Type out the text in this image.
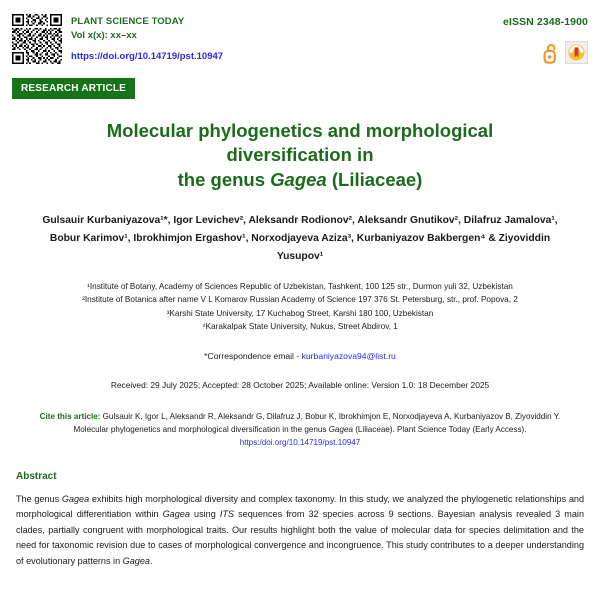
PLANT SCIENCE TODAY
Vol x(x): xx–xx
https://doi.org/10.14719/pst.10947
eISSN 2348-1900
RESEARCH ARTICLE
Molecular phylogenetics and morphological diversification in
the genus Gagea (Liliaceae)
Gulsauir Kurbaniyazova¹*, Igor Levichev², Aleksandr Rodionov², Aleksandr Gnutikov², Dilafruz Jamalova¹, Bobur Karimov¹, Ibrokhimjon Ergashov¹, Norxodjayeva Aziza³, Kurbaniyazov Bakbergen⁴ & Ziyoviddin Yusupov¹
¹Institute of Botany, Academy of Sciences Republic of Uzbekistan, Tashkent, 100 125 str., Durmon yuli 32, Uzbekistan
²Institute of Botanica after name V L Komarov Russian Academy of Science 197 376 St. Petersburg, str., prof. Popova, 2
³Karshi State University, 17 Kuchabog Street, Karshi 180 100, Uzbekistan
⁴Karakalpak State University, Nukus, Street Abdirov, 1
*Correspondence email - kurbaniyazova94@list.ru
Received: 29 July 2025; Accepted: 28 October 2025; Available online: Version 1.0: 18 December 2025
Cite this article: Gulsauir K, Igor L, Aleksandr R, Aleksandr G, Dilafruz J, Bobur K, Ibrokhimjon E, Norxodjayeva A, Kurbaniyazov B, Ziyoviddin Y. Molecular phylogenetics and morphological diversification in the genus Gagea (Liliaceae). Plant Science Today (Early Access).
https:/doi.org/10.14719/pst.10947
Abstract

The genus Gagea exhibits high morphological diversity and complex taxonomy. In this study, we analyzed the phylogenetic relationships and morphological differentiation within Gagea using ITS sequences from 32 species across 9 sections. Bayesian analysis revealed 3 main clades, partially congruent with morphological traits. Our results highlight both the value of molecular data for species delimitation and the need for taxonomic revision due to cases of morphological convergence and incongruence. This study contributes to a deeper understanding of evolutionary patterns in Gagea.
